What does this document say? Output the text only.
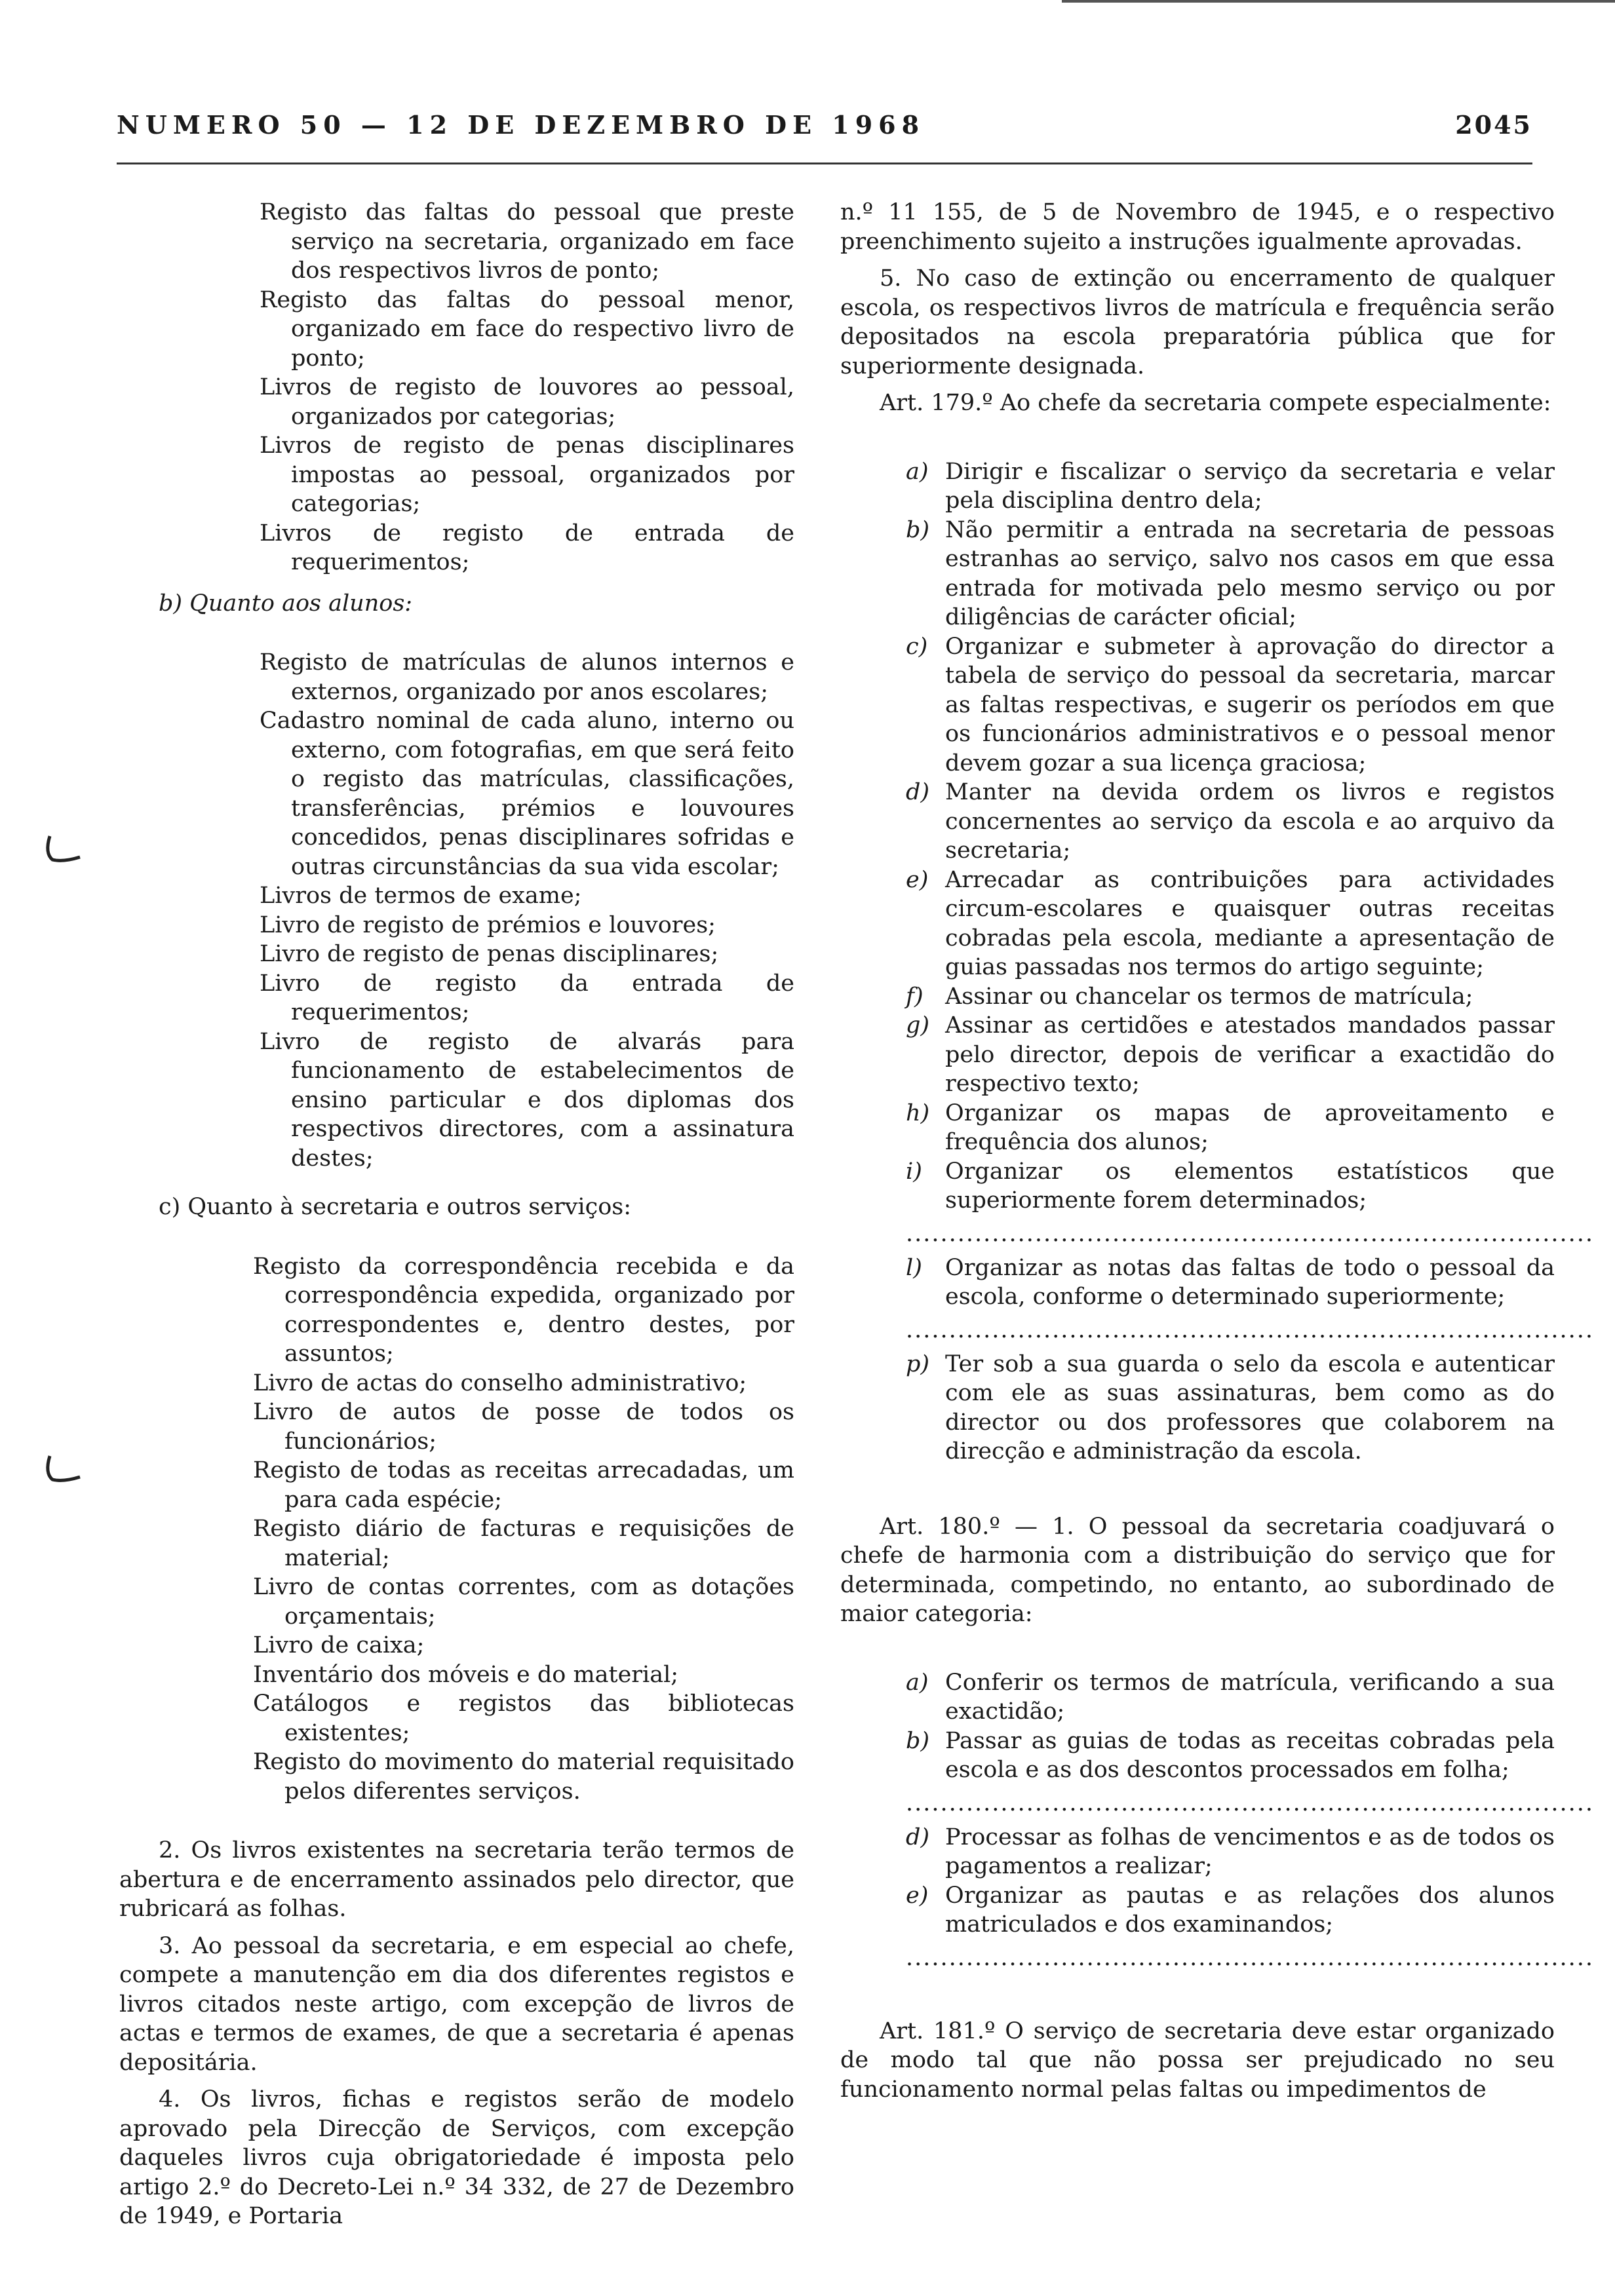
NUMERO 50 — 12 DE DEZEMBRO DE 1968	2045

Registo das faltas do pessoal que preste serviço na secretaria, organizado em face dos respectivos livros de ponto;

Registo das faltas do pessoal menor, organizado em face do respectivo livro de ponto;

Livros de registo de louvores ao pessoal, organizados por categorias;

Livros de registo de penas disciplinares impostas ao pessoal, organizados por categorias;

Livros de registo de entrada de requerimentos;

b) Quanto aos alunos:

Registo de matrículas de alunos internos e externos, organizado por anos escolares;

Cadastro nominal de cada aluno, interno ou externo, com fotografias, em que será feito o registo das matrículas, classificações, transferências, prémios e louvoures concedidos, penas disciplinares sofridas e outras circunstâncias da sua vida escolar;

Livros de termos de exame;

Livro de registo de prémios e louvores;

Livro de registo de penas disciplinares;

Livro de registo da entrada de requerimentos;

Livro de registo de alvarás para funcionamento de estabelecimentos de ensino particular e dos diplomas dos respectivos directores, com a assinatura destes;

c) Quanto à secretaria e outros serviços:

Registo da correspondência recebida e da correspondência expedida, organizado por correspondentes e, dentro destes, por assuntos;

Livro de actas do conselho administrativo;

Livro de autos de posse de todos os funcionários;

Registo de todas as receitas arrecadadas, um para cada espécie;

Registo diário de facturas e requisições de material;

Livro de contas correntes, com as dotações orçamentais;

Livro de caixa;

Inventário dos móveis e do material;

Catálogos e registos das bibliotecas existentes;

Registo do movimento do material requisitado pelos diferentes serviços.

2. Os livros existentes na secretaria terão termos de abertura e de encerramento assinados pelo director, que rubricará as folhas.

3. Ao pessoal da secretaria, e em especial ao chefe, compete a manutenção em dia dos diferentes registos e livros citados neste artigo, com excepção de livros de actas e termos de exames, de que a secretaria é apenas depositária.

4. Os livros, fichas e registos serão de modelo aprovado pela Direcção de Serviços, com excepção daqueles livros cuja obrigatoriedade é imposta pelo artigo 2.º do Decreto-Lei n.º 34 332, de 27 de Dezembro de 1949, e Portaria

n.º 11 155, de 5 de Novembro de 1945, e o respectivo preenchimento sujeito a instruções igualmente aprovadas.

5. No caso de extinção ou encerramento de qualquer escola, os respectivos livros de matrícula e frequência serão depositados na escola preparatória pública que for superiormente designada.

Art. 179.º Ao chefe da secretaria compete especialmente:

a) Dirigir e fiscalizar o serviço da secretaria e velar pela disciplina dentro dela;

b) Não permitir a entrada na secretaria de pessoas estranhas ao serviço, salvo nos casos em que essa entrada for motivada pelo mesmo serviço ou por diligências de carácter oficial;

c) Organizar e submeter à aprovação do director a tabela de serviço do pessoal da secretaria, marcar as faltas respectivas, e sugerir os períodos em que os funcionários administrativos e o pessoal menor devem gozar a sua licença graciosa;

d) Manter na devida ordem os livros e registos concernentes ao serviço da escola e ao arquivo da secretaria;

e) Arrecadar as contribuições para actividades circum-escolares e quaisquer outras receitas cobradas pela escola, mediante a apresentação de guias passadas nos termos do artigo seguinte;

f) Assinar ou chancelar os termos de matrícula;

g) Assinar as certidões e atestados mandados passar pelo director, depois de verificar a exactidão do respectivo texto;

h) Organizar os mapas de aproveitamento e frequência dos alunos;

i) Organizar os elementos estatísticos que superiormente forem determinados;

................................................................................

l) Organizar as notas das faltas de todo o pessoal da escola, conforme o determinado superiormente;

................................................................................

p) Ter sob a sua guarda o selo da escola e autenticar com ele as suas assinaturas, bem como as do director ou dos professores que colaborem na direcção e administração da escola.

Art. 180.º — 1. O pessoal da secretaria coadjuvará o chefe de harmonia com a distribuição do serviço que for determinada, competindo, no entanto, ao subordinado de maior categoria:

a) Conferir os termos de matrícula, verificando a sua exactidão;

b) Passar as guias de todas as receitas cobradas pela escola e as dos descontos processados em folha;

................................................................................

d) Processar as folhas de vencimentos e as de todos os pagamentos a realizar;

e) Organizar as pautas e as relações dos alunos matriculados e dos examinandos;

................................................................................

Art. 181.º O serviço de secretaria deve estar organizado de modo tal que não possa ser prejudicado no seu funcionamento normal pelas faltas ou impedimentos de
